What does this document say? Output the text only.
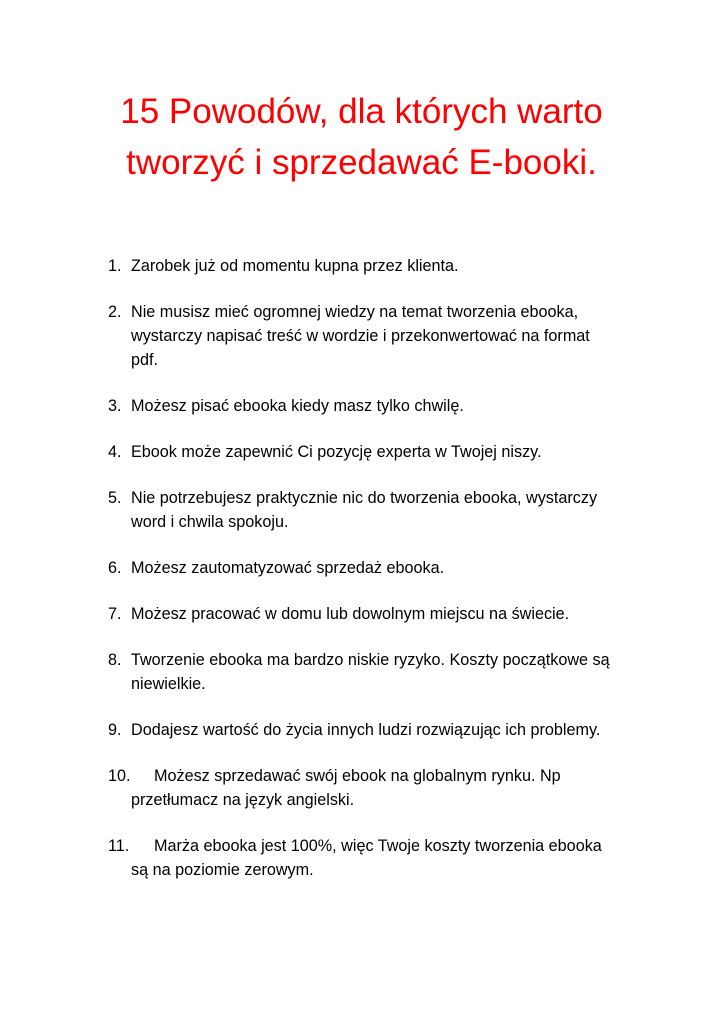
15 Powodów, dla których warto
tworzyć i sprzedawać E-booki.
1. Zarobek już od momentu kupna przez klienta.
2. Nie musisz mieć ogromnej wiedzy na temat tworzenia ebooka,
wystarczy napisać treść w wordzie i przekonwertować na format
pdf.
3. Możesz pisać ebooka kiedy masz tylko chwilę.
4. Ebook może zapewnić Ci pozycję experta w Twojej niszy.
5. Nie potrzebujesz praktycznie nic do tworzenia ebooka, wystarczy
word i chwila spokoju.
6. Możesz zautomatyzować sprzedaż ebooka.
7. Możesz pracować w domu lub dowolnym miejscu na świecie.
8. Tworzenie ebooka ma bardzo niskie ryzyko. Koszty początkowe są
niewielkie.
9. Dodajesz wartość do życia innych ludzi rozwiązując ich problemy.
10.	Możesz sprzedawać swój ebook na globalnym rynku. Np
przetłumacz na język angielski.
11.	Marża ebooka jest 100%, więc Twoje koszty tworzenia ebooka
są na poziomie zerowym.
